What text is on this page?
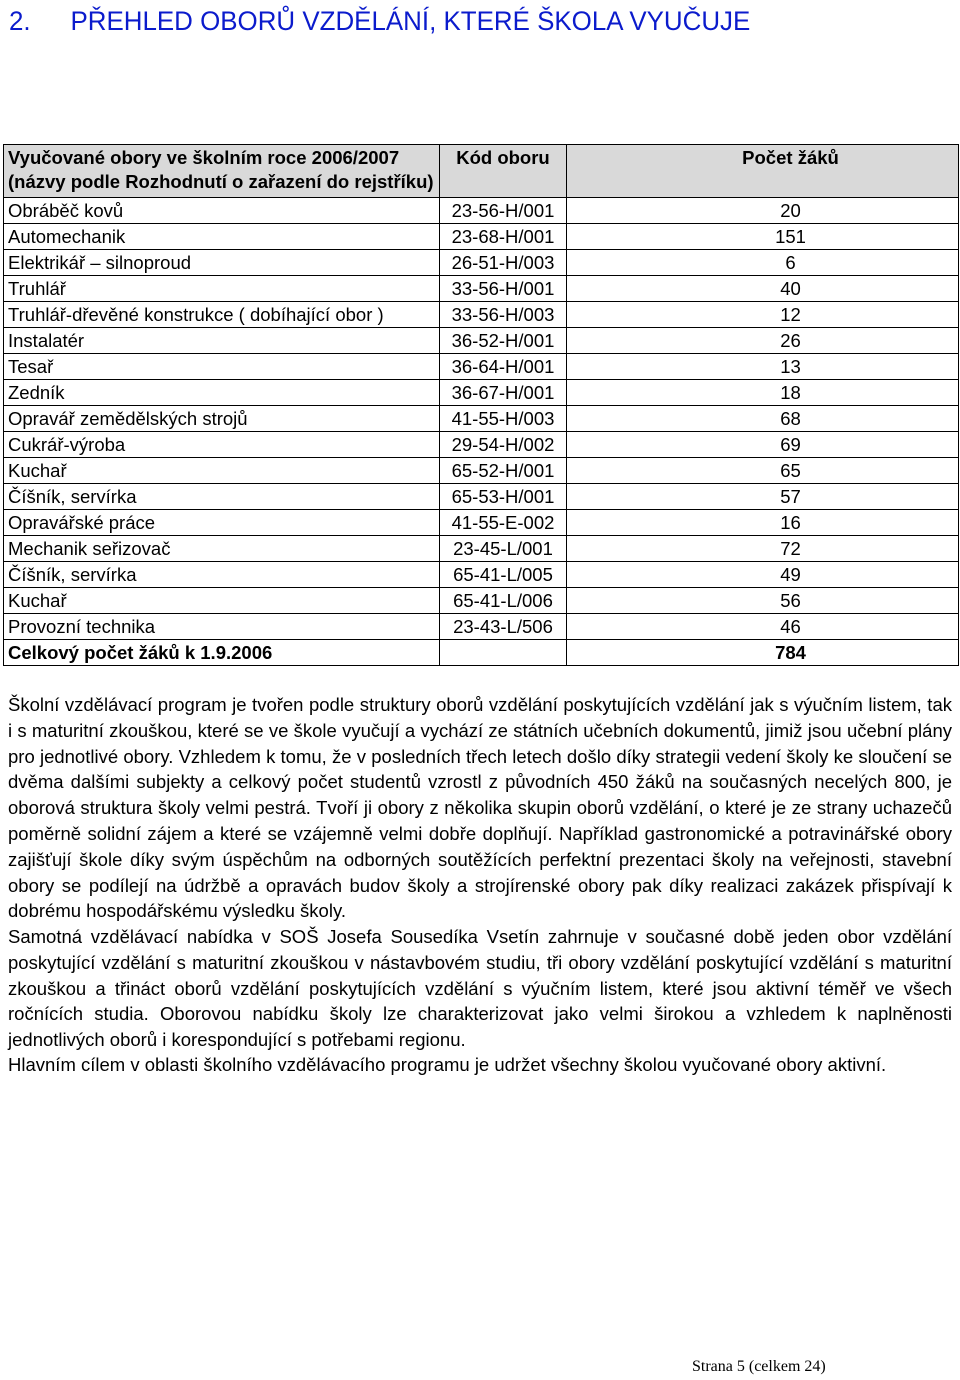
2. PŘEHLED OBORŮ VZDĚLÁNÍ, KTERÉ ŠKOLA VYUČUJE
Vyučované obory ve školním roce 2006/2007
(názvy podle Rozhodnutí o zařazení do rejstříku)	Kód oboru	Počet žáků
Obráběč kovů	23-56-H/001	20
Automechanik	23-68-H/001	151
Elektrikář – silnoproud	26-51-H/003	6
Truhlář	33-56-H/001	40
Truhlář-dřevěné konstrukce ( dobíhající obor )	33-56-H/003	12
Instalatér	36-52-H/001	26
Tesař	36-64-H/001	13
Zedník	36-67-H/001	18
Opravář zemědělských strojů	41-55-H/003	68
Cukrář-výroba	29-54-H/002	69
Kuchař	65-52-H/001	65
Číšník, servírka	65-53-H/001	57
Opravářské práce	41-55-E-002	16
Mechanik seřizovač	23-45-L/001	72
Číšník, servírka	65-41-L/005	49
Kuchař	65-41-L/006	56
Provozní technika	23-43-L/506	46
Celkový počet žáků k 1.9.2006		784

Školní vzdělávací program je tvořen podle struktury oborů vzdělání poskytujících vzdělání jak s výučním listem, tak i s maturitní zkouškou, které se ve škole vyučují a vychází ze státních učebních dokumentů, jimiž jsou učební plány pro jednotlivé obory. Vzhledem k tomu, že v posledních třech letech došlo díky strategii vedení školy ke sloučení se dvěma dalšími subjekty a celkový počet studentů vzrostl z původních 450 žáků na současných necelých 800, je oborová struktura školy velmi pestrá. Tvoří ji obory z několika skupin oborů vzdělání, o které je ze strany uchazečů poměrně solidní zájem a které se vzájemně velmi dobře doplňují. Například gastronomické a potravinářské obory zajišťují škole díky svým úspěchům na odborných soutěžících perfektní prezentaci školy na veřejnosti, stavební obory se podílejí na údržbě a opravách budov školy a strojírenské obory pak díky realizaci zakázek přispívají k dobrému hospodářskému výsledku školy.

Samotná vzdělávací nabídka v SOŠ Josefa Sousedíka Vsetín zahrnuje v současné době jeden obor vzdělání poskytující vzdělání s maturitní zkouškou v nástavbovém studiu, tři obory vzdělání poskytující vzdělání s maturitní zkouškou a třináct oborů vzdělání poskytujících vzdělání s výučním listem, které jsou aktivní téměř ve všech ročnících studia. Oborovou nabídku školy lze charakterizovat jako velmi širokou a vzhledem k naplněnosti jednotlivých oborů i korespondující s potřebami regionu.

Hlavním cílem v oblasti školního vzdělávacího programu je udržet všechny školou vyučované obory aktivní.

Strana 5 (celkem 24)
